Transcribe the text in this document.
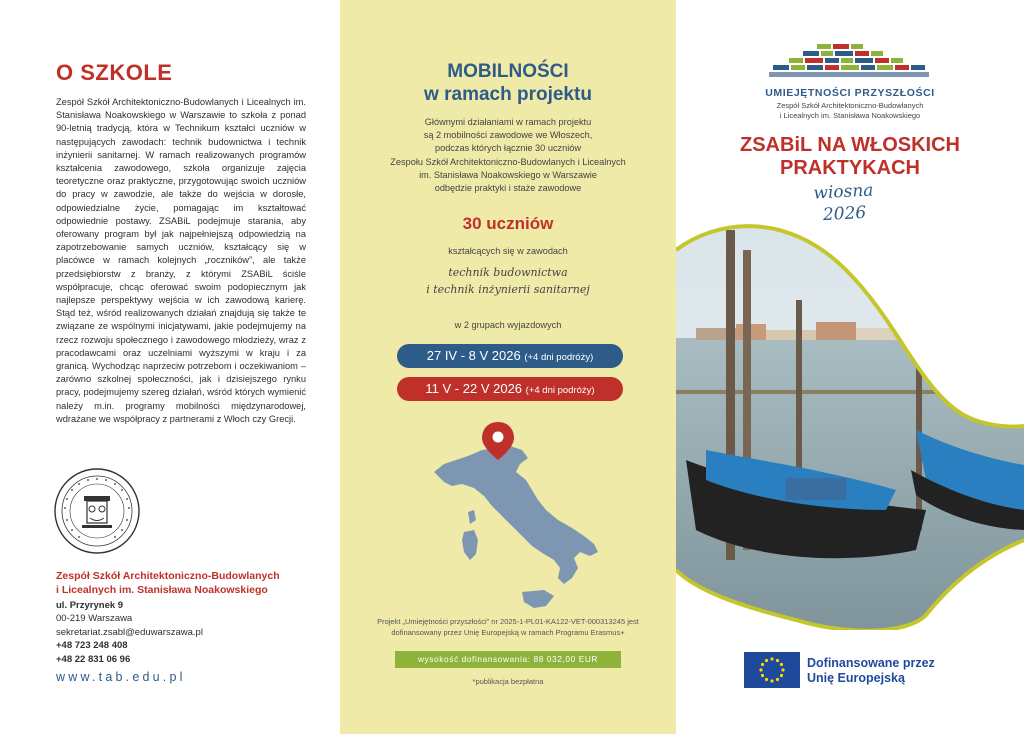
O SZKOLE

Zespół Szkół Architektoniczno-Budowlanych i Licealnych im. Stanisława Noakowskiego w Warszawie to szkoła z ponad 90-letnią tradycją, która w Technikum kształci uczniów w następujących zawodach: technik budownictwa i technik inżynierii sanitarnej. W ramach realizowanych programów kształcenia zawodowego, szkoła organizuje zajęcia teoretyczne oraz praktyczne, przygotowując swoich uczniów do pracy w zawodzie, ale także do wejścia w dorosłe, odpowiedzialne życie, pomagając im kształtować odpowiednie postawy. ZSABiL podejmuje starania, aby oferowany program był jak najpełniejszą odpowiedzią na zapotrzebowanie samych uczniów, kształcący się w placówce w ramach kolejnych „roczników”, ale także przedsiębiorstw z branży, z którymi ZSABiL ściśle współpracuje, chcąc oferować swoim podopiecznym jak najlepsze perspektywy wejścia w ich zawodową karierę. Stąd też, wśród realizowanych działań znajdują się także te związane ze wspólnymi inicjatywami, jakie podejmujemy na rzecz rozwoju społecznego i zawodowego młodzieży, wraz z pracodawcami oraz uczelniami wyższymi w kraju i za granicą. Wychodząc naprzeciw potrzebom i oczekiwaniom – zarówno szkolnej społeczności, jak i dzisiejszego rynku pracy, podejmujemy szereg działań, wśród których wymienić należy m.in. programy mobilności międzynarodowej, wdrażane we współpracy z partnerami z Włoch czy Grecji.

Zespół Szkół Architektoniczno-Budowlanych
i Licealnych im. Stanisława Noakowskiego
ul. Przyrynek 9
00-219 Warszawa
sekretariat.zsabl@eduwarszawa.pl
+48 723 248 408
+48 22 831 06 96
www.tab.edu.pl
MOBILNOŚCI
w ramach projektu
Głównymi działaniami w ramach projektu
są 2 mobilności zawodowe we Włoszech,
podczas których łącznie 30 uczniów
Zespołu Szkół Architektoniczno-Budowlanych i Licealnych
im. Stanisława Noakowskiego w Warszawie
odbędzie praktyki i staże zawodowe
30 uczniów
kształcących się w zawodach
technik budownictwa
i technik inżynierii sanitarnej
w 2 grupach wyjazdowych
27 IV - 8 V 2026 (+4 dni podróży)
11 V - 22 V 2026 (+4 dni podróży)
Projekt „Umiejętności przyszłości” nr 2025-1-PL01-KA122-VET-000313245 jest
dofinansowany przez Unię Europejską w ramach Programu Erasmus+
wysokość dofinansowania: 88 032,00 EUR
*publikacja bezpłatna
UMIEJĘTNOŚCI PRZYSZŁOŚCI
Zespół Szkół Architektoniczno-Budowlanych
i Licealnych im. Stanisława Noakowskiego
ZSABiL NA WŁOSKICH
PRAKTYKACH
wiosna
2026
Dofinansowane przez
Unię Europejską
